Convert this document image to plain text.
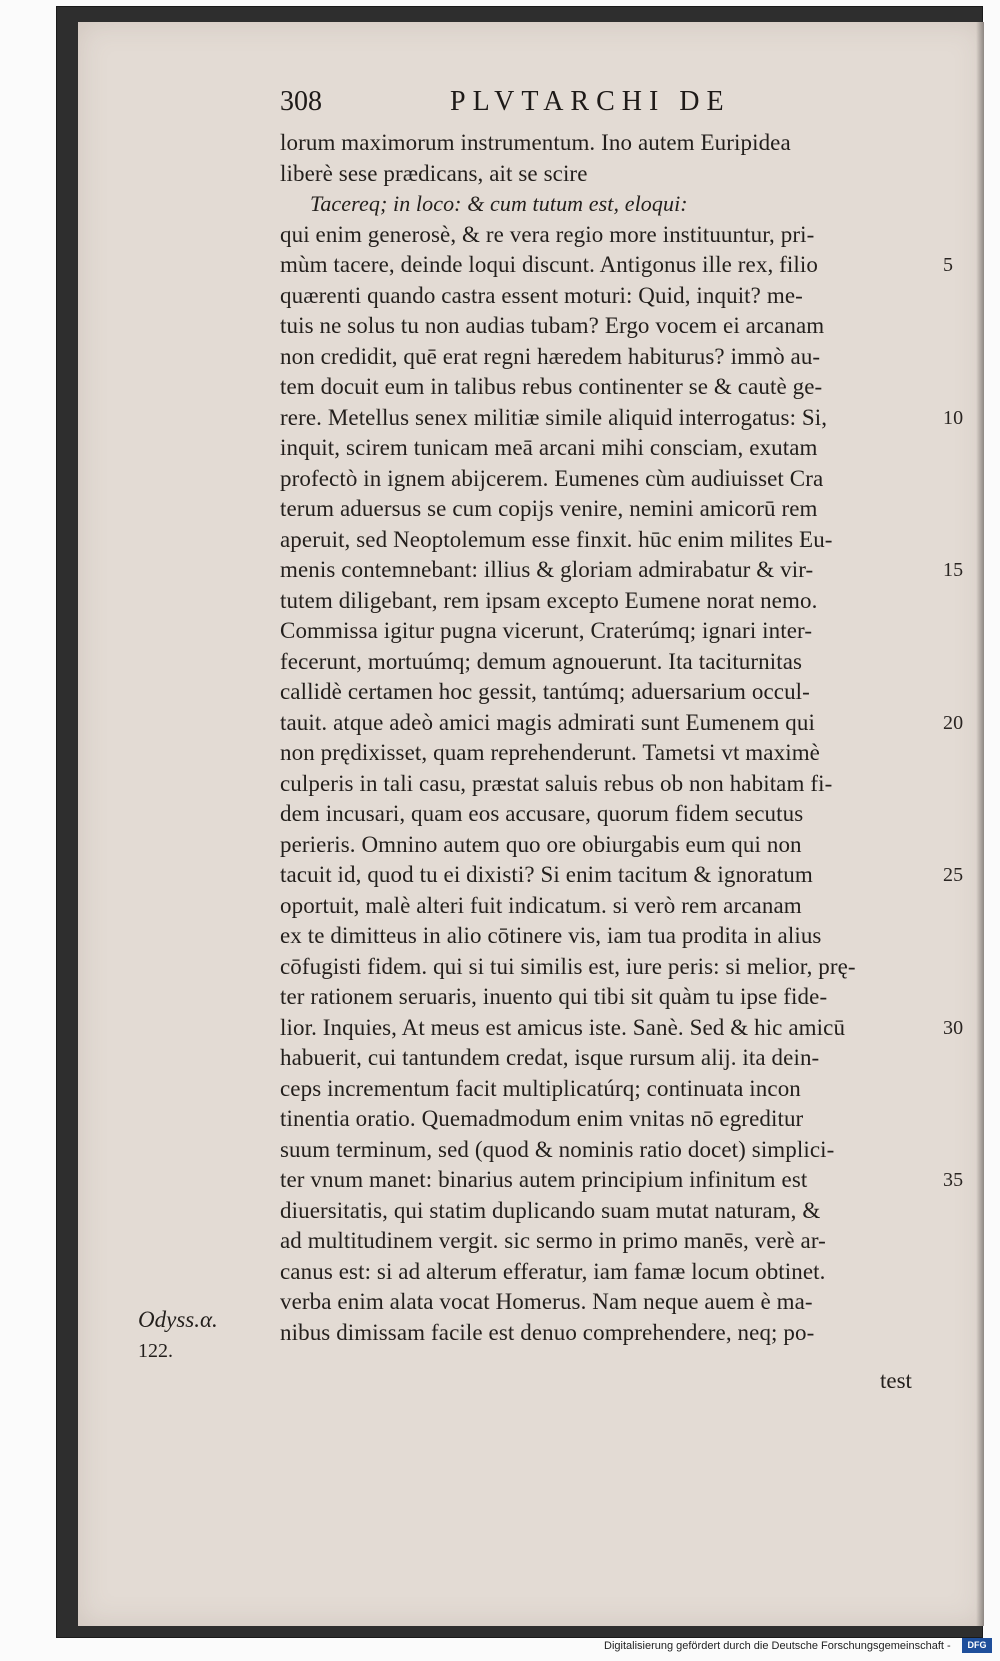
308	PLVTARCHI DE
lorum maximorum instrumentum. Ino autem Euripidea
liberè sese prædicans, ait se scire
Tacereq; in loco: & cum tutum est, eloqui:
qui enim generosè, & re vera regio more instituuntur, pri-
mùm tacere, deinde loqui discunt. Antigonus ille rex, filio	5
quærenti quando castra essent moturi: Quid, inquit? me-
tuis ne solus tu non audias tubam? Ergo vocem ei arcanam
non credidit, quē erat regni hæredem habiturus? immò au-
tem docuit eum in talibus rebus continenter se & cautè ge-
rere. Metellus senex militiæ simile aliquid interrogatus: Si,	10
inquit, scirem tunicam meā arcani mihi consciam, exutam
profectò in ignem abijcerem. Eumenes cùm audiuisset Cra
terum aduersus se cum copijs venire, nemini amicorū rem
aperuit, sed Neoptolemum esse finxit. hūc enim milites Eu-
menis contemnebant: illius & gloriam admirabatur & vir-	15
tutem diligebant, rem ipsam excepto Eumene norat nemo.
Commissa igitur pugna vicerunt, Craterúmq; ignari inter-
fecerunt, mortuúmq; demum agnouerunt. Ita taciturnitas
callidè certamen hoc gessit, tantúmq; aduersarium occul-
tauit. atque adeò amici magis admirati sunt Eumenem qui	20
non prędixisset, quam reprehenderunt. Tametsi vt maximè
culperis in tali casu, præstat saluis rebus ob non habitam fi-
dem incusari, quam eos accusare, quorum fidem secutus
perieris. Omnino autem quo ore obiurgabis eum qui non
tacuit id, quod tu ei dixisti? Si enim tacitum & ignoratum	25
oportuit, malè alteri fuit indicatum. si verò rem arcanam
ex te dimitteus in alio cōtinere vis, iam tua prodita in alius
cōfugisti fidem. qui si tui similis est, iure peris: si melior, prę-
ter rationem seruaris, inuento qui tibi sit quàm tu ipse fide-
lior. Inquies, At meus est amicus iste. Sanè. Sed & hic amicū	30
habuerit, cui tantundem credat, isque rursum alij. ita dein-
ceps incrementum facit multiplicatúrq; continuata incon
tinentia oratio. Quemadmodum enim vnitas nō egreditur
suum terminum, sed (quod & nominis ratio docet) simplici-
ter vnum manet: binarius autem principium infinitum est	35
diuersitatis, qui statim duplicando suam mutat naturam, &
ad multitudinem vergit. sic sermo in primo manēs, verè ar-
canus est: si ad alterum efferatur, iam famæ locum obtinet.
verba enim alata vocat Homerus. Nam neque auem è ma-
nibus dimissam facile est denuo comprehendere, neq; po-
Odyss.α.
122.
test
Digitalisierung gefördert durch die Deutsche Forschungsgemeinschaft -	DFG
